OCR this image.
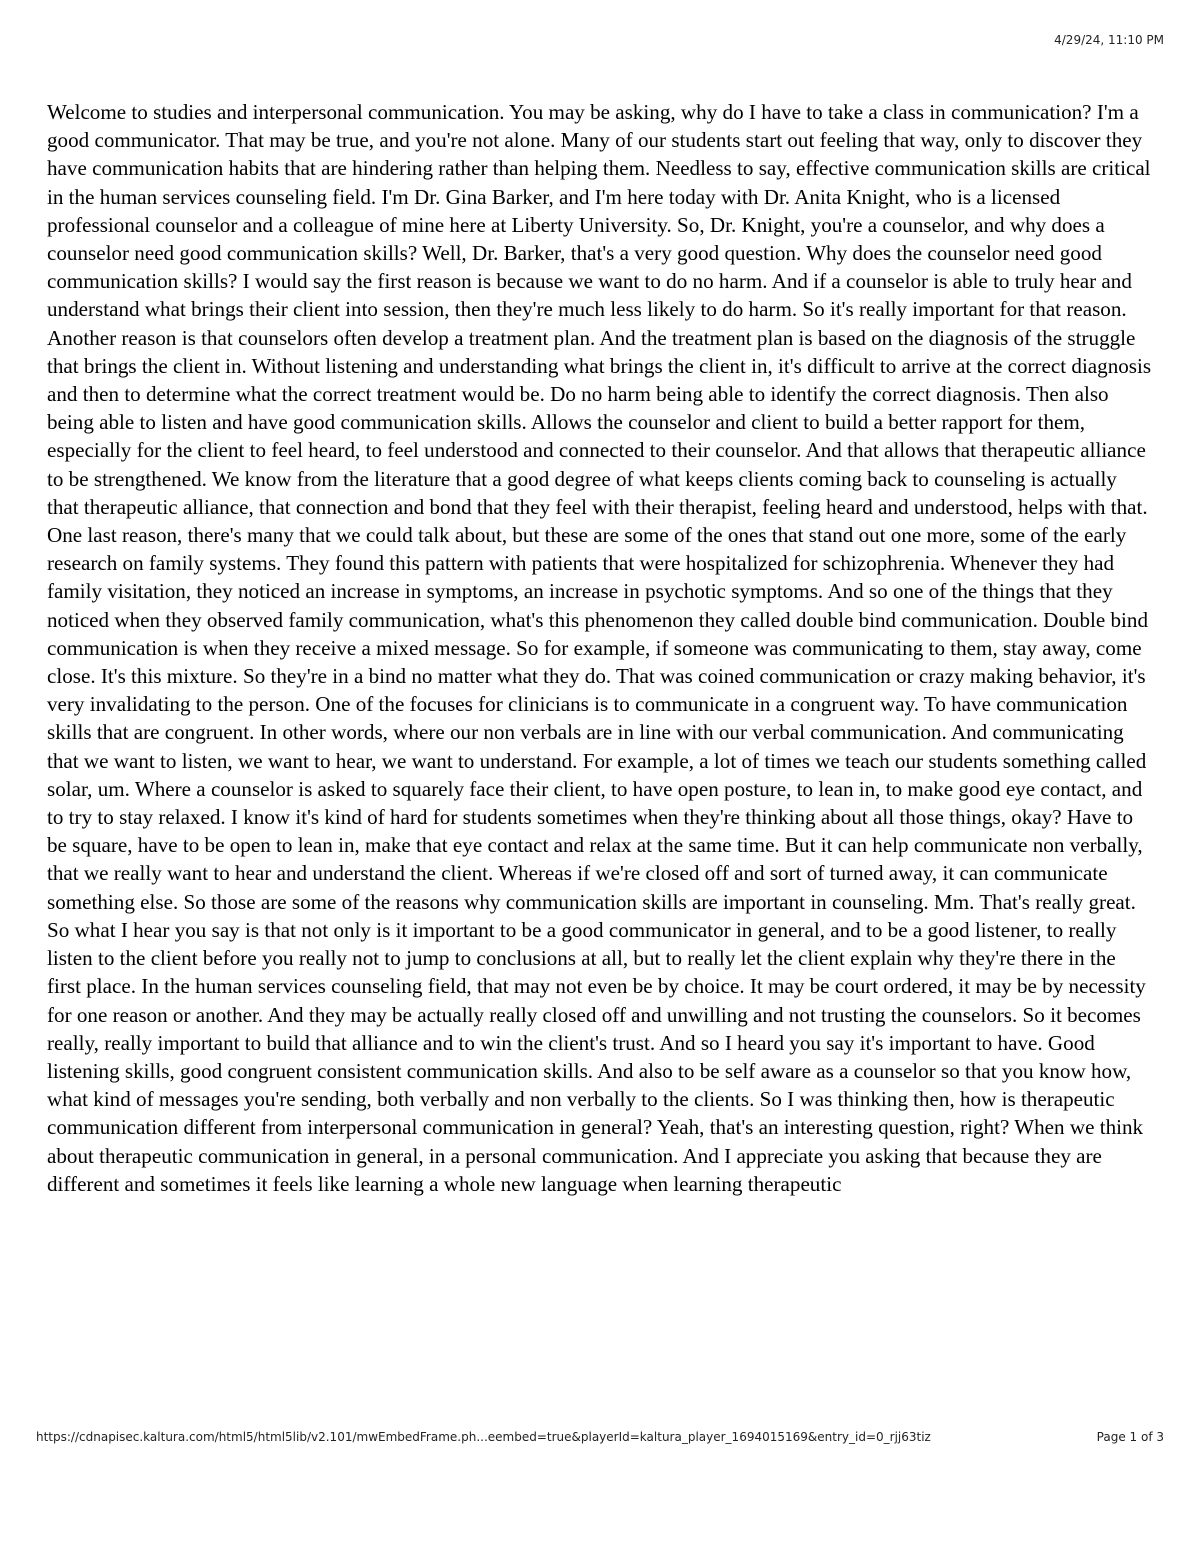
4/29/24, 11:10 PM

Welcome to studies and interpersonal communication. You may be asking, why do I have to take a class in communication? I'm a good communicator. That may be true, and you're not alone. Many of our students start out feeling that way, only to discover they have communication habits that are hindering rather than helping them. Needless to say, effective communication skills are critical in the human services counseling field. I'm Dr. Gina Barker, and I'm here today with Dr. Anita Knight, who is a licensed professional counselor and a colleague of mine here at Liberty University. So, Dr. Knight, you're a counselor, and why does a counselor need good communication skills? Well, Dr. Barker, that's a very good question. Why does the counselor need good communication skills? I would say the first reason is because we want to do no harm. And if a counselor is able to truly hear and understand what brings their client into session, then they're much less likely to do harm. So it's really important for that reason. Another reason is that counselors often develop a treatment plan. And the treatment plan is based on the diagnosis of the struggle that brings the client in. Without listening and understanding what brings the client in, it's difficult to arrive at the correct diagnosis and then to determine what the correct treatment would be. Do no harm being able to identify the correct diagnosis. Then also being able to listen and have good communication skills. Allows the counselor and client to build a better rapport for them, especially for the client to feel heard, to feel understood and connected to their counselor. And that allows that therapeutic alliance to be strengthened. We know from the literature that a good degree of what keeps clients coming back to counseling is actually that therapeutic alliance, that connection and bond that they feel with their therapist, feeling heard and understood, helps with that. One last reason, there's many that we could talk about, but these are some of the ones that stand out one more, some of the early research on family systems. They found this pattern with patients that were hospitalized for schizophrenia. Whenever they had family visitation, they noticed an increase in symptoms, an increase in psychotic symptoms. And so one of the things that they noticed when they observed family communication, what's this phenomenon they called double bind communication. Double bind communication is when they receive a mixed message. So for example, if someone was communicating to them, stay away, come close. It's this mixture. So they're in a bind no matter what they do. That was coined communication or crazy making behavior, it's very invalidating to the person. One of the focuses for clinicians is to communicate in a congruent way. To have communication skills that are congruent. In other words, where our non verbals are in line with our verbal communication. And communicating that we want to listen, we want to hear, we want to understand. For example, a lot of times we teach our students something called solar, um. Where a counselor is asked to squarely face their client, to have open posture, to lean in, to make good eye contact, and to try to stay relaxed. I know it's kind of hard for students sometimes when they're thinking about all those things, okay? Have to be square, have to be open to lean in, make that eye contact and relax at the same time. But it can help communicate non verbally, that we really want to hear and understand the client. Whereas if we're closed off and sort of turned away, it can communicate something else. So those are some of the reasons why communication skills are important in counseling. Mm. That's really great. So what I hear you say is that not only is it important to be a good communicator in general, and to be a good listener, to really listen to the client before you really not to jump to conclusions at all, but to really let the client explain why they're there in the first place. In the human services counseling field, that may not even be by choice. It may be court ordered, it may be by necessity for one reason or another. And they may be actually really closed off and unwilling and not trusting the counselors. So it becomes really, really important to build that alliance and to win the client's trust. And so I heard you say it's important to have. Good listening skills, good congruent consistent communication skills. And also to be self aware as a counselor so that you know how, what kind of messages you're sending, both verbally and non verbally to the clients. So I was thinking then, how is therapeutic communication different from interpersonal communication in general? Yeah, that's an interesting question, right? When we think about therapeutic communication in general, in a personal communication. And I appreciate you asking that because they are different and sometimes it feels like learning a whole new language when learning therapeutic

https://cdnapisec.kaltura.com/html5/html5lib/v2.101/mwEmbedFrame.ph...eembed=true&playerId=kaltura_player_1694015169&entry_id=0_rjj63tiz	Page 1 of 3
